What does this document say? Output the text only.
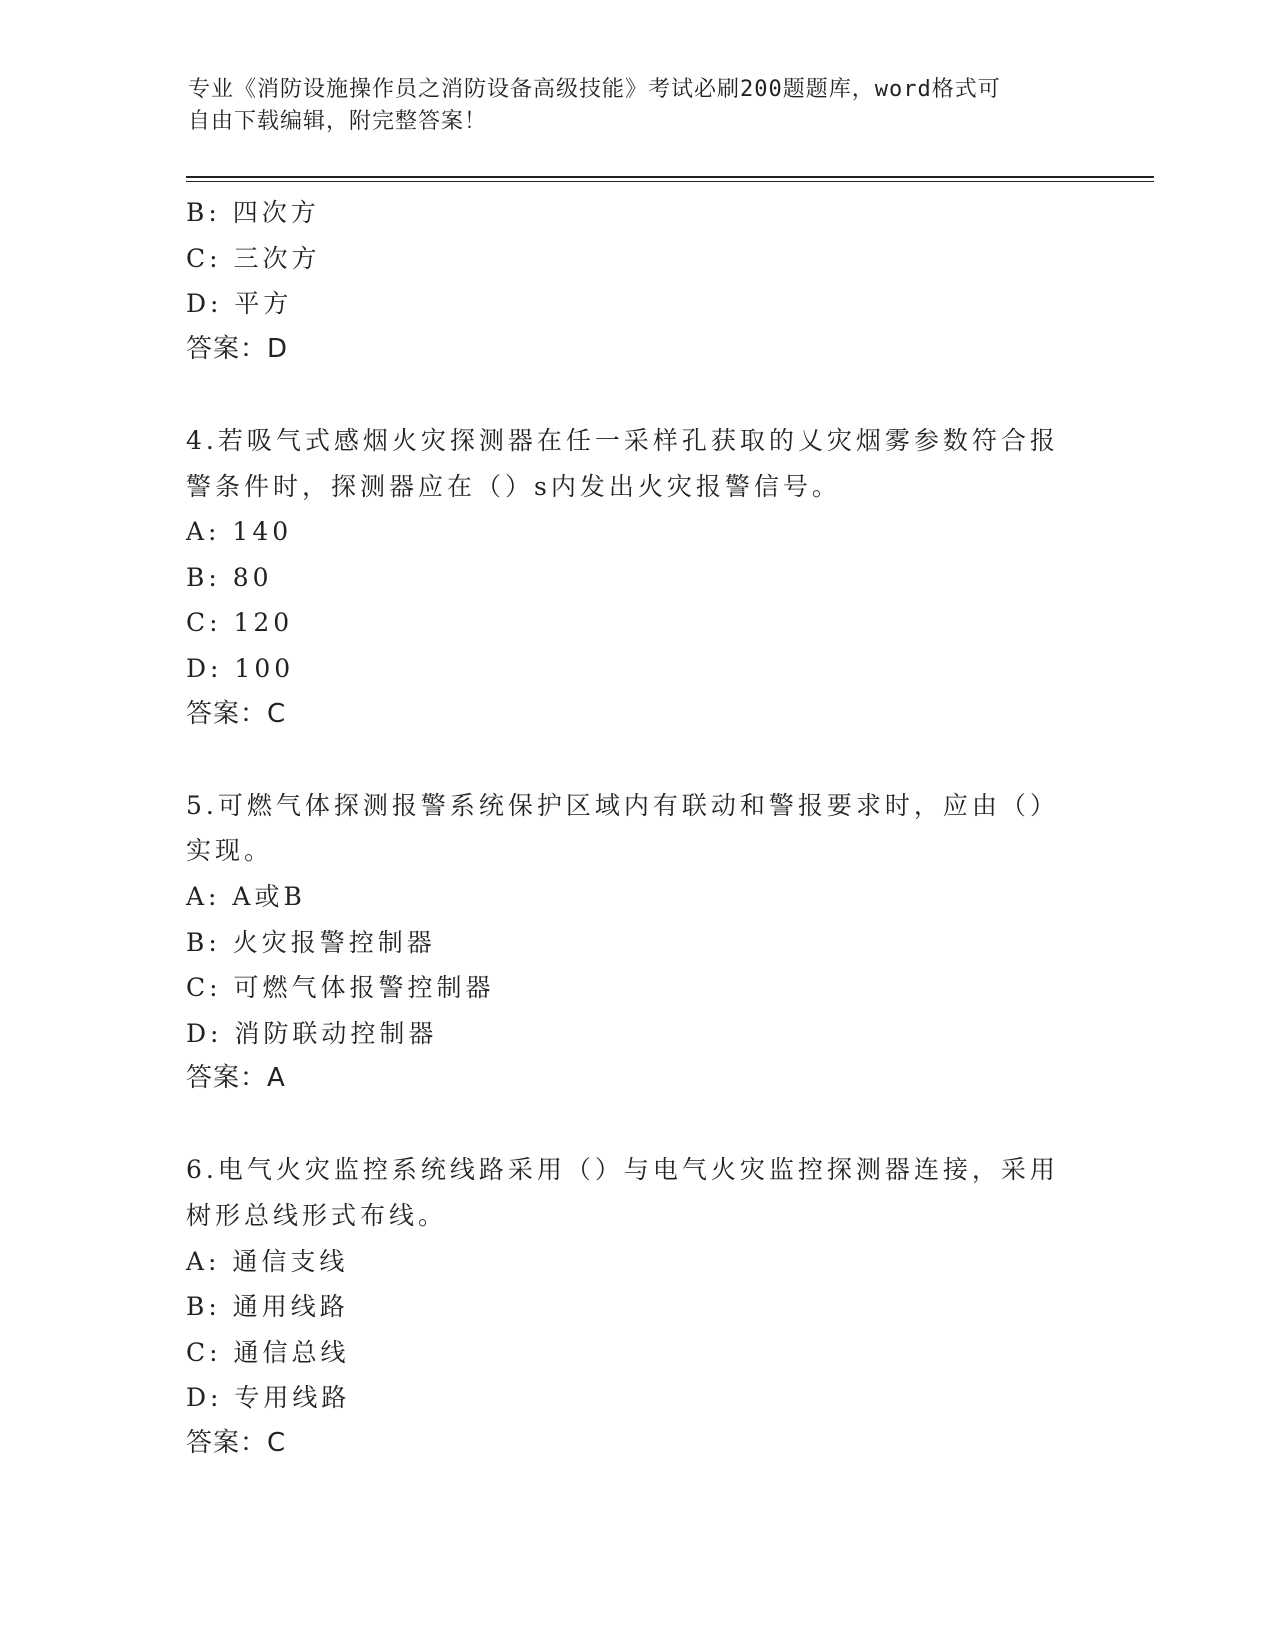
专业《消防设施操作员之消防设备高级技能》考试必刷200题题库，word格式可
自由下载编辑，附完整答案！
B: 四次方
C: 三次方
D: 平方
答案：D
4.若吸气式感烟火灾探测器在任一采样孔获取的乂灾烟雾参数符合报
警条件时，探测器应在（）s内发出火灾报警信号。
A: 140
B: 80
C: 120
D: 100
答案：C
5.可燃气体探测报警系统保护区域内有联动和警报要求时，应由（）
实现。
A: A或B
B: 火灾报警控制器
C: 可燃气体报警控制器
D: 消防联动控制器
答案：A
6.电气火灾监控系统线路采用（）与电气火灾监控探测器连接，采用
树形总线形式布线。
A: 通信支线
B: 通用线路
C: 通信总线
D: 专用线路
答案：C
